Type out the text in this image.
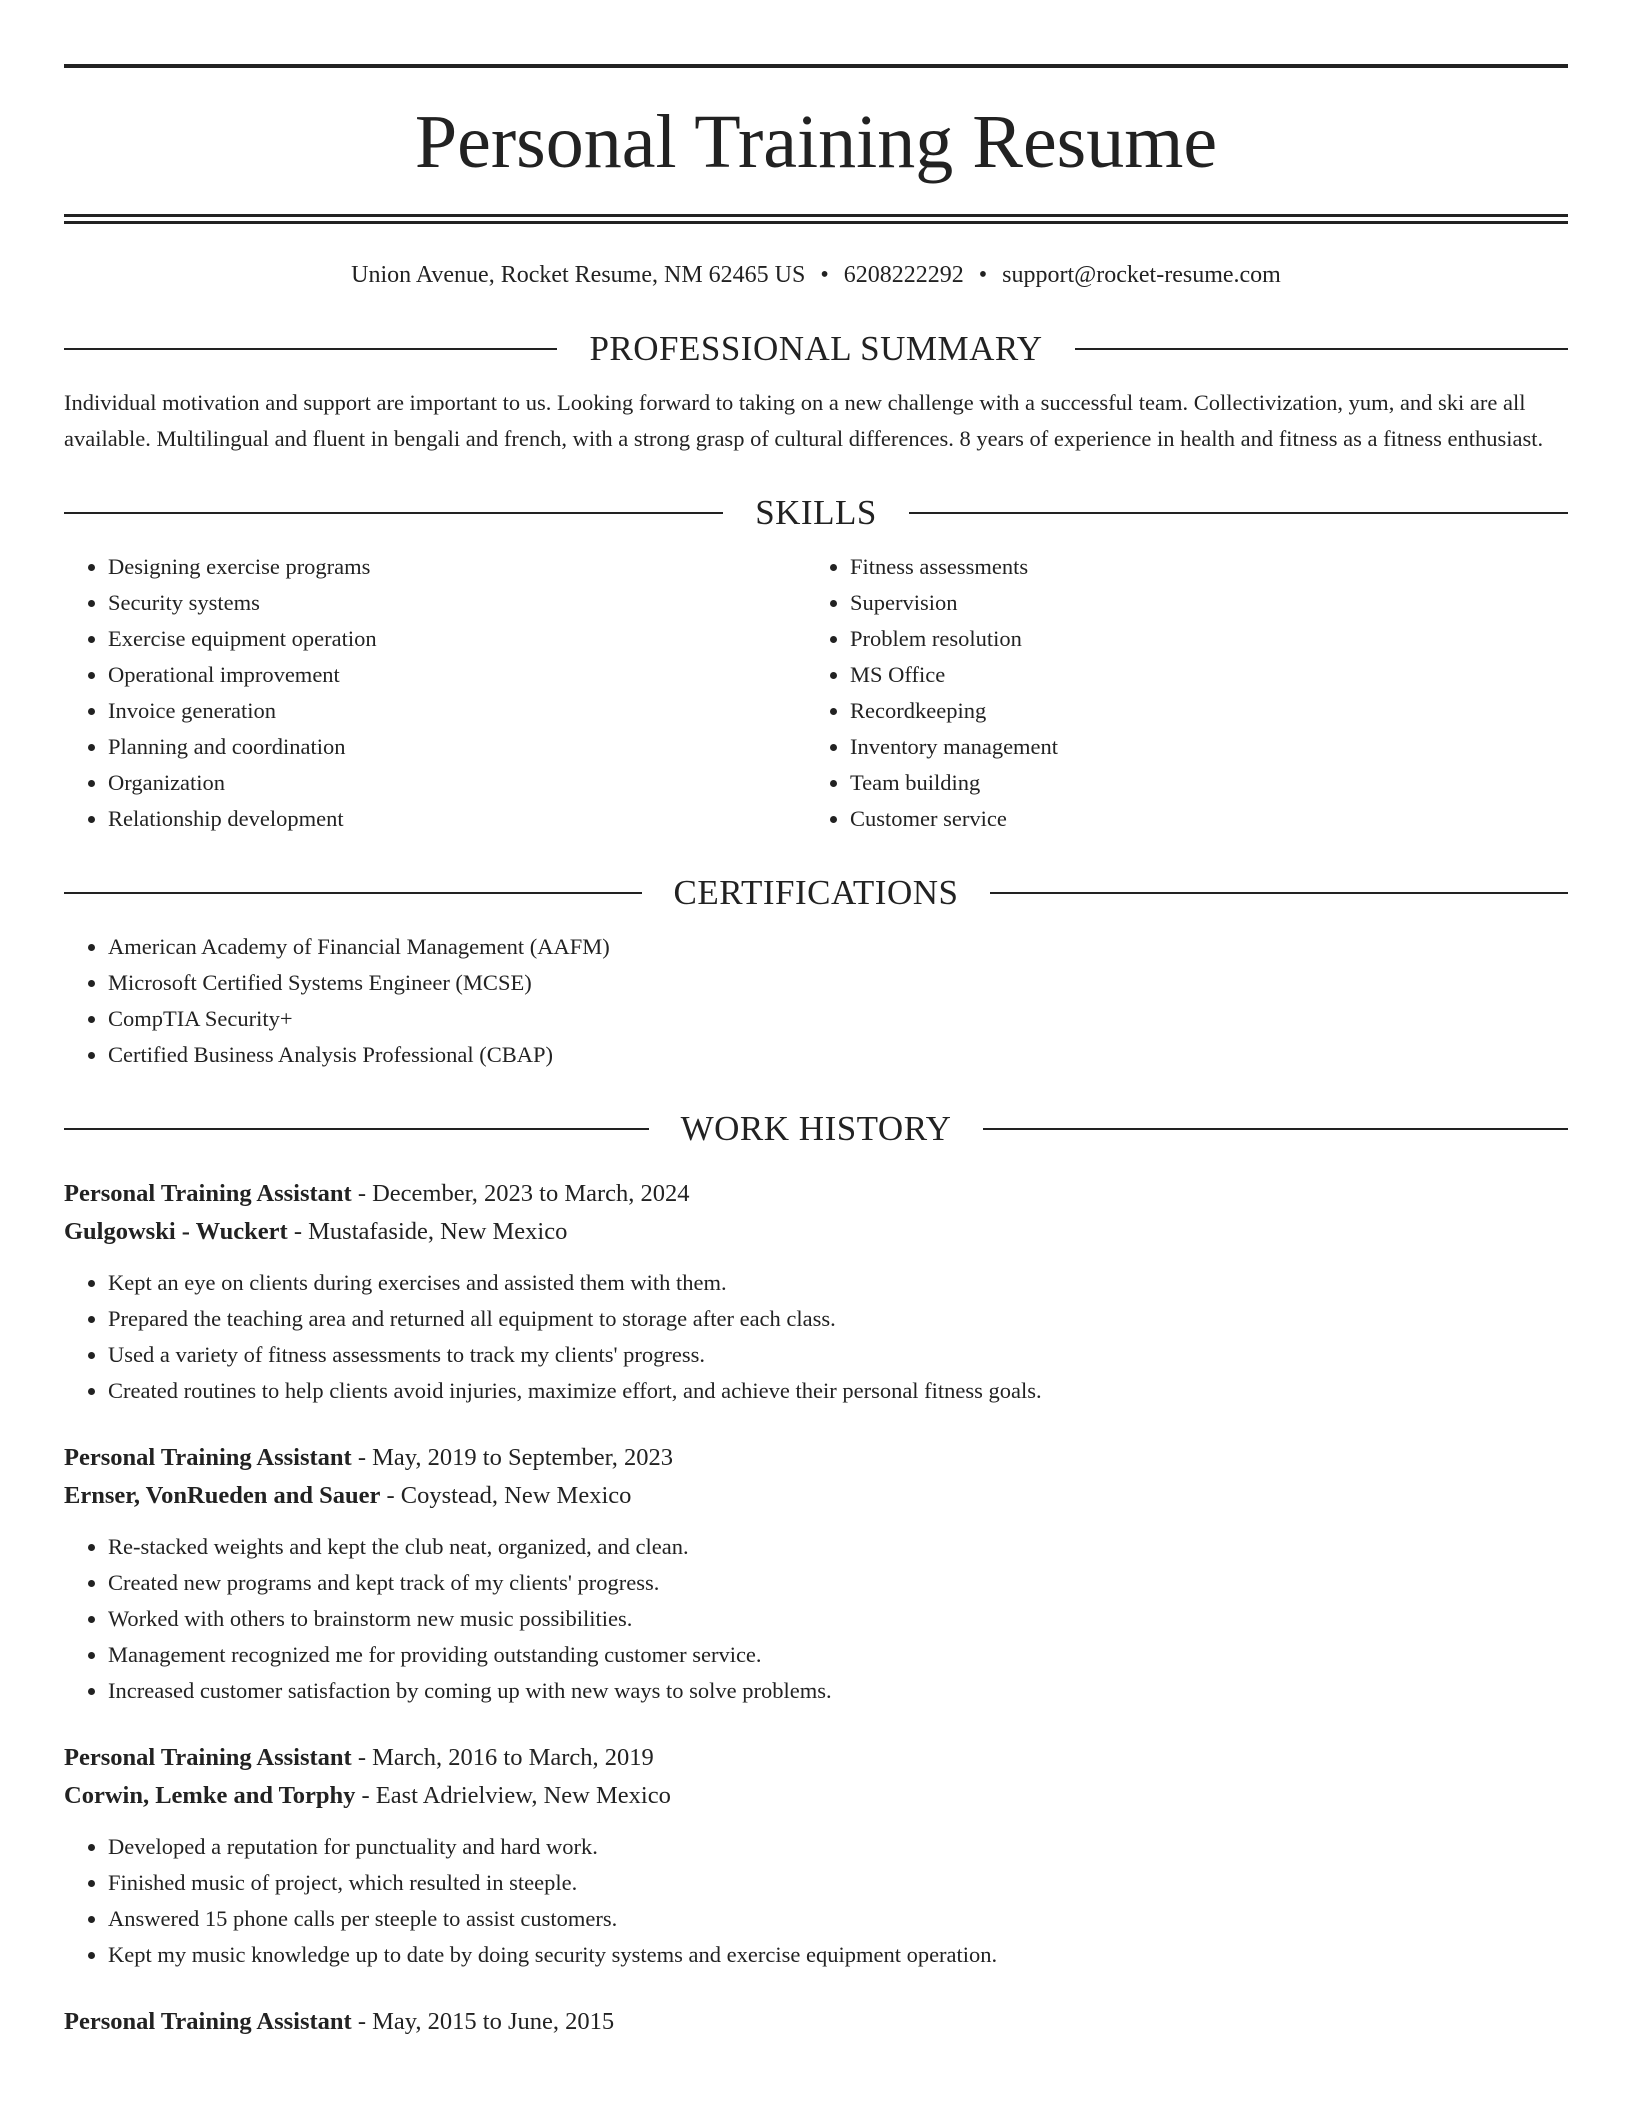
Personal Training Resume
Union Avenue, Rocket Resume, NM 62465 US • 6208222292 • support@rocket-resume.com
PROFESSIONAL SUMMARY

Individual motivation and support are important to us. Looking forward to taking on a new challenge with a successful team. Collectivization, yum, and ski are all available. Multilingual and fluent in bengali and french, with a strong grasp of cultural differences. 8 years of experience in health and fitness as a fitness enthusiast.

SKILLS
• Designing exercise programs
• Security systems
• Exercise equipment operation
• Operational improvement
• Invoice generation
• Planning and coordination
• Organization
• Relationship development
• Fitness assessments
• Supervision
• Problem resolution
• MS Office
• Recordkeeping
• Inventory management
• Team building
• Customer service
CERTIFICATIONS
• American Academy of Financial Management (AAFM)
• Microsoft Certified Systems Engineer (MCSE)
• CompTIA Security+
• Certified Business Analysis Professional (CBAP)
WORK HISTORY
Personal Training Assistant - December, 2023 to March, 2024
Gulgowski - Wuckert - Mustafaside, New Mexico
• Kept an eye on clients during exercises and assisted them with them.
• Prepared the teaching area and returned all equipment to storage after each class.
• Used a variety of fitness assessments to track my clients' progress.
• Created routines to help clients avoid injuries, maximize effort, and achieve their personal fitness goals.
Personal Training Assistant - May, 2019 to September, 2023
Ernser, VonRueden and Sauer - Coystead, New Mexico
• Re-stacked weights and kept the club neat, organized, and clean.
• Created new programs and kept track of my clients' progress.
• Worked with others to brainstorm new music possibilities.
• Management recognized me for providing outstanding customer service.
• Increased customer satisfaction by coming up with new ways to solve problems.
Personal Training Assistant - March, 2016 to March, 2019
Corwin, Lemke and Torphy - East Adrielview, New Mexico
• Developed a reputation for punctuality and hard work.
• Finished music of project, which resulted in steeple.
• Answered 15 phone calls per steeple to assist customers.
• Kept my music knowledge up to date by doing security systems and exercise equipment operation.
Personal Training Assistant - May, 2015 to June, 2015
